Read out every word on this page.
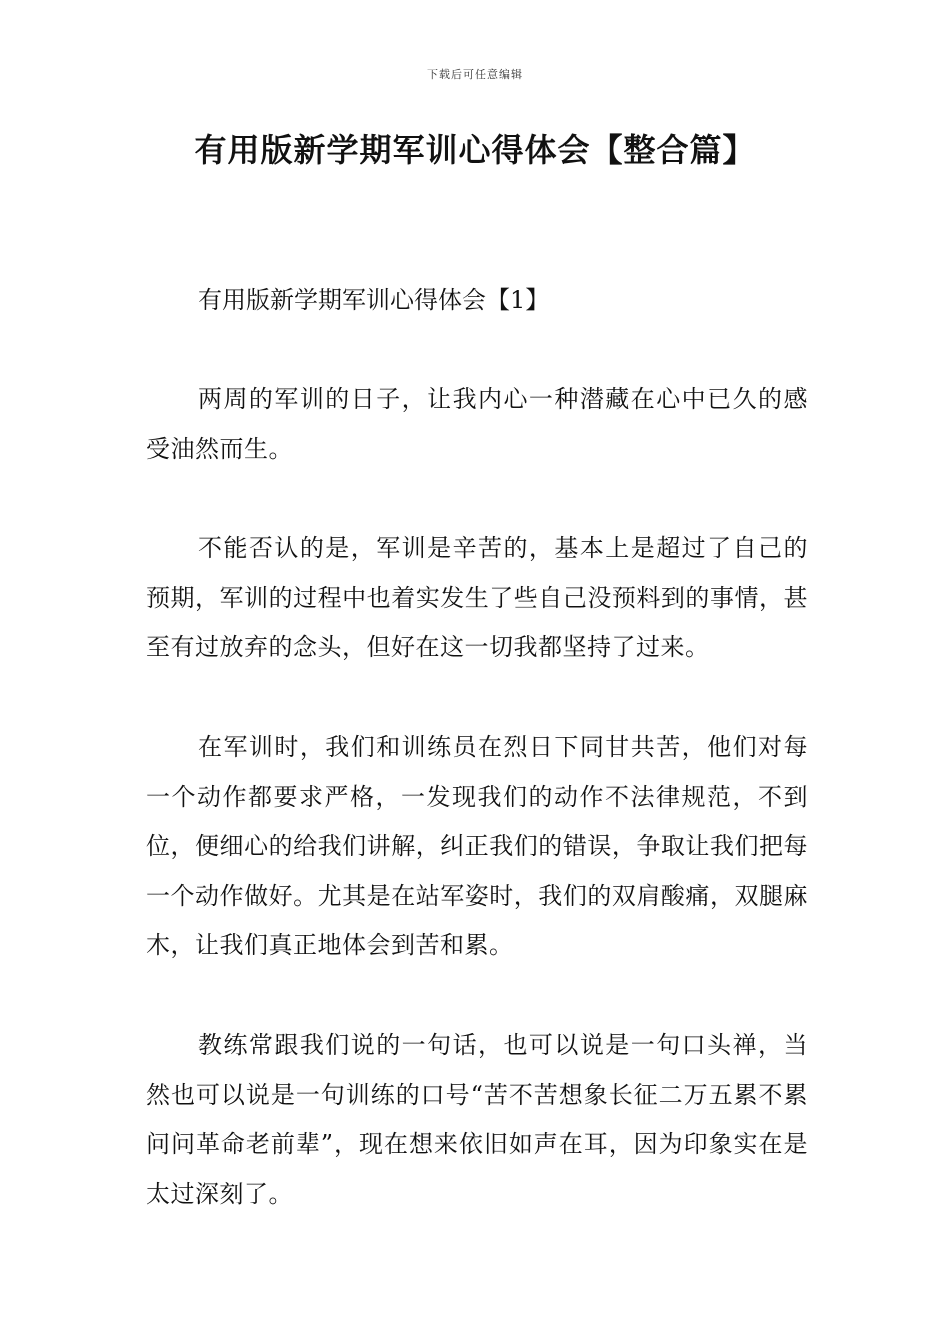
下载后可任意编辑
有用版新学期军训心得体会【整合篇】

有用版新学期军训心得体会【1】

两周的军训的日子，让我内心一种潜藏在心中已久的感受油然而生。

不能否认的是，军训是辛苦的，基本上是超过了自己的预期，军训的过程中也着实发生了些自己没预料到的事情，甚至有过放弃的念头，但好在这一切我都坚持了过来。

在军训时，我们和训练员在烈日下同甘共苦，他们对每一个动作都要求严格，一发现我们的动作不法律规范，不到位，便细心的给我们讲解，纠正我们的错误，争取让我们把每一个动作做好。尤其是在站军姿时，我们的双肩酸痛，双腿麻木，让我们真正地体会到苦和累。

教练常跟我们说的一句话，也可以说是一句口头禅，当然也可以说是一句训练的口号“苦不苦想象长征二万五累不累问问革命老前辈”，现在想来依旧如声在耳，因为印象实在是太过深刻了。
